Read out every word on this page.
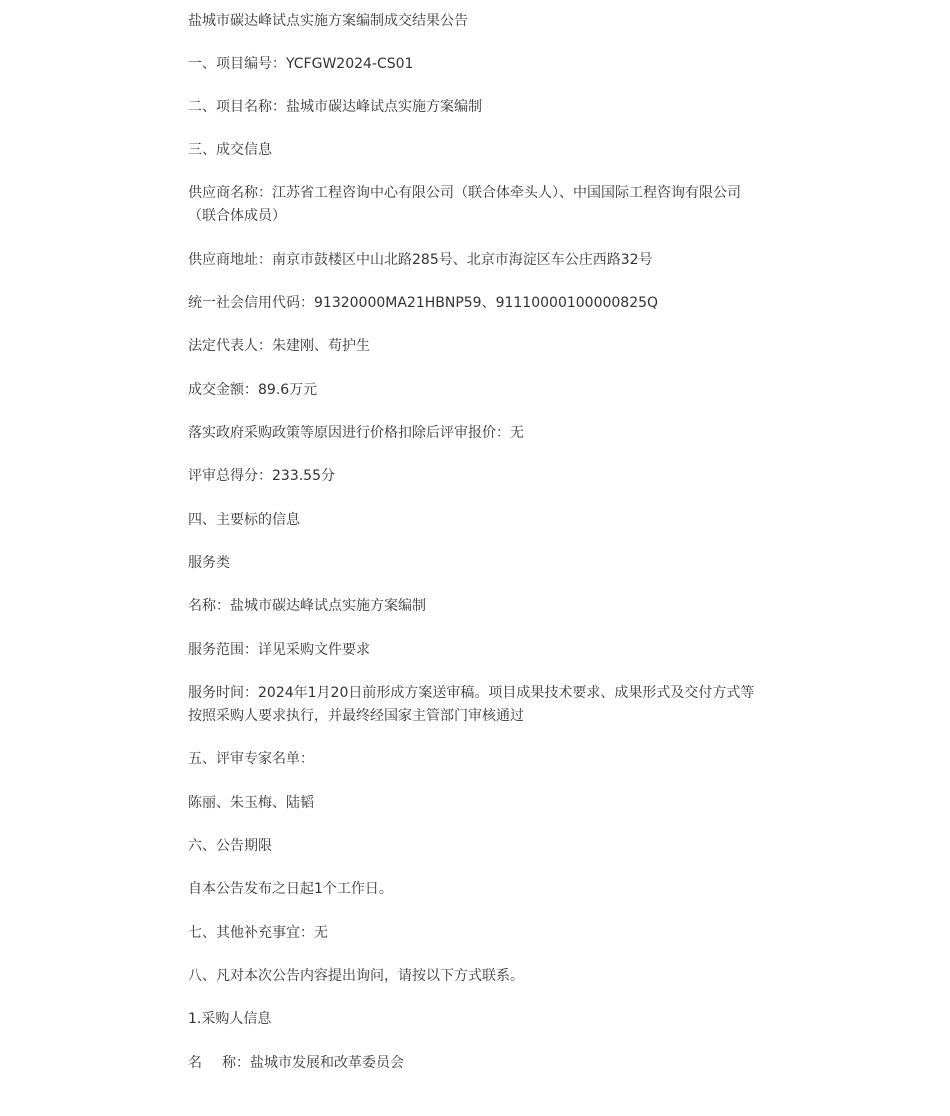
盐城市碳达峰试点实施方案编制成交结果公告

一、项目编号：YCFGW2024-CS01

二、项目名称：盐城市碳达峰试点实施方案编制

三、成交信息

供应商名称：江苏省工程咨询中心有限公司（联合体牵头人）、中国国际工程咨询有限公司（联合体成员）

供应商地址：南京市鼓楼区中山北路285号、北京市海淀区车公庄西路32号

统一社会信用代码：91320000MA21HBNP59、91110000100000825Q

法定代表人：朱建刚、苟护生

成交金额：89.6万元

落实政府采购政策等原因进行价格扣除后评审报价：无

评审总得分：233.55分

四、主要标的信息

服务类

名称：盐城市碳达峰试点实施方案编制

服务范围：详见采购文件要求

服务时间：2024年1月20日前形成方案送审稿。项目成果技术要求、成果形式及交付方式等按照采购人要求执行，并最终经国家主管部门审核通过

五、评审专家名单：

陈丽、朱玉梅、陆韬

六、公告期限

自本公告发布之日起1个工作日。

七、其他补充事宜：无

八、凡对本次公告内容提出询问，请按以下方式联系。

1.采购人信息

名 称：盐城市发展和改革委员会
